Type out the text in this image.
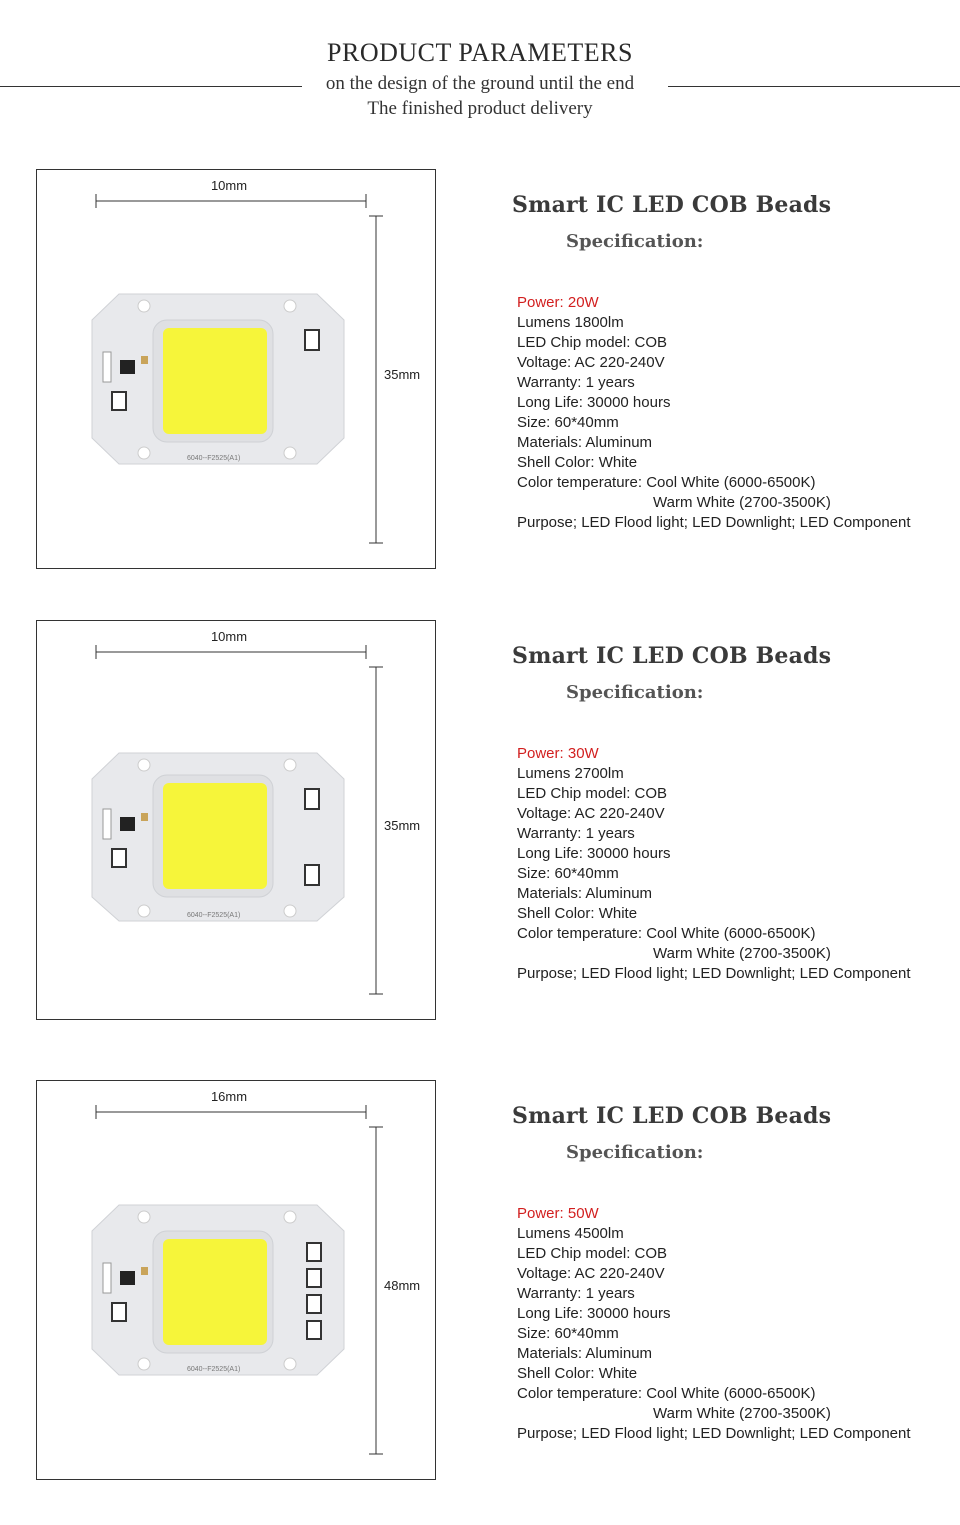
PRODUCT PARAMETERS
on the design of the ground until the end
The finished product delivery
10mm
35mm
6040--F2525(A1)
Smart IC LED COB Beads
Specification:
Power: 20W
Lumens 1800lm
LED Chip model: COB
Voltage: AC 220-240V
Warranty: 1 years
Long Life: 30000 hours
Size: 60*40mm
Materials: Aluminum
Shell Color: White
Color temperature: Cool White (6000-6500K)
Warm White (2700-3500K)
Purpose; LED Flood light; LED Downlight; LED Component
10mm
35mm
6040--F2525(A1)
Smart IC LED COB Beads
Specification:
Power: 30W
Lumens 2700lm
LED Chip model: COB
Voltage: AC 220-240V
Warranty: 1 years
Long Life: 30000 hours
Size: 60*40mm
Materials: Aluminum
Shell Color: White
Color temperature: Cool White (6000-6500K)
Warm White (2700-3500K)
Purpose; LED Flood light; LED Downlight; LED Component
16mm
48mm
6040--F2525(A1)
Smart IC LED COB Beads
Specification:
Power: 50W
Lumens 4500lm
LED Chip model: COB
Voltage: AC 220-240V
Warranty: 1 years
Long Life: 30000 hours
Size: 60*40mm
Materials: Aluminum
Shell Color: White
Color temperature: Cool White (6000-6500K)
Warm White (2700-3500K)
Purpose; LED Flood light; LED Downlight; LED Component
